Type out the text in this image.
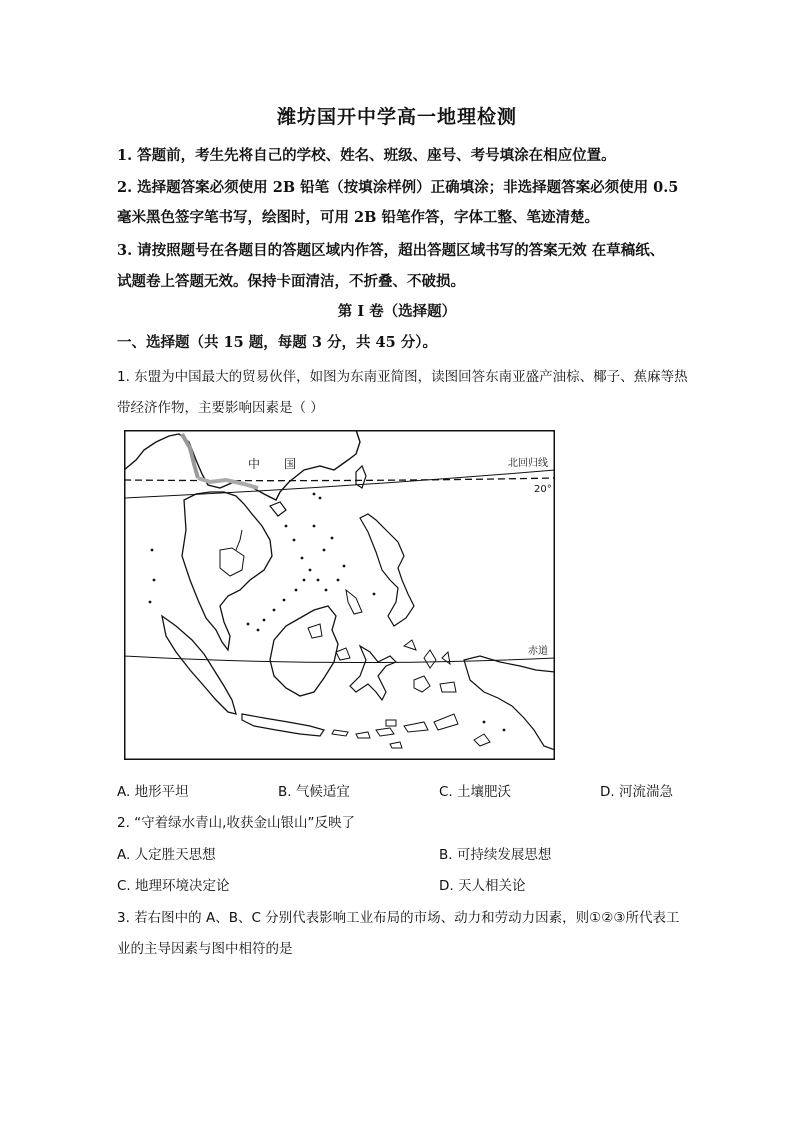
潍坊国开中学高一地理检测
1. 答题前，考生先将自己的学校、姓名、班级、座号、考号填涂在相应位置。
2. 选择题答案必须使用 2B 铅笔（按填涂样例）正确填涂；非选择题答案必须使用 0.5
毫米黑色签字笔书写，绘图时，可用 2B 铅笔作答，字体工整、笔迹清楚。
3. 请按照题号在各题目的答题区域内作答，超出答题区域书写的答案无效 在草稿纸、
试题卷上答题无效。保持卡面清洁，不折叠、不破损。
第 I 卷（选择题）
一、选择题（共 15 题，每题 3 分，共 45 分）。
1. 东盟为中国最大的贸易伙伴，如图为东南亚简图，读图回答东南亚盛产油棕、椰子、蕉麻等热
带经济作物，主要影响因素是（ ）
中　　国	北回归线
20°
赤道
A. 地形平坦	B. 气候适宜	C. 土壤肥沃	D. 河流湍急
2. “守着绿水青山,收获金山银山”反映了
A. 人定胜天思想	B. 可持续发展思想
C. 地理环境决定论	D. 天人相关论
3. 若右图中的 A、B、C 分别代表影响工业布局的市场、动力和劳动力因素，则①②③所代表工
业的主导因素与图中相符的是
